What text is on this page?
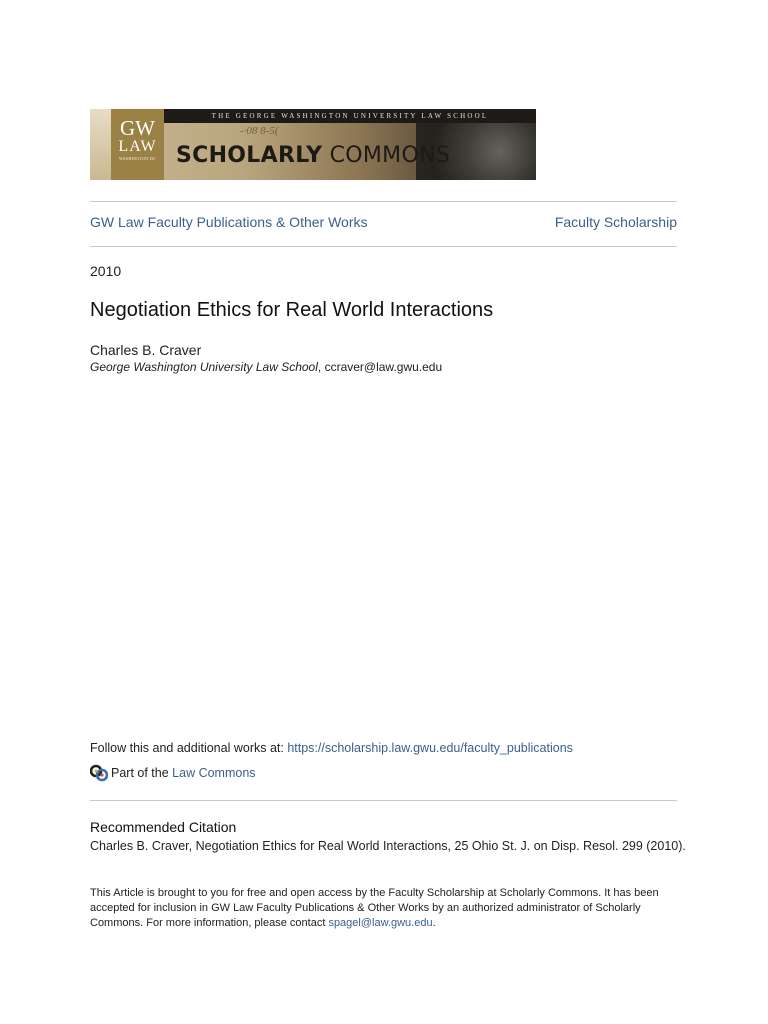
GW
LAW
WASHINGTON DC
THE GEORGE WASHINGTON UNIVERSITY LAW SCHOOL
-·08 8-5(
SCHOLARLY COMMONS
GW Law Faculty Publications & Other Works	Faculty Scholarship
2010
Negotiation Ethics for Real World Interactions
Charles B. Craver
George Washington University Law School, ccraver@law.gwu.edu
Follow this and additional works at: https://scholarship.law.gwu.edu/faculty_publications
Part of the
Law Commons
Recommended Citation
Charles B. Craver, Negotiation Ethics for Real World Interactions, 25 Ohio St. J. on Disp. Resol. 299 (2010).
This Article is brought to you for free and open access by the Faculty Scholarship at Scholarly Commons. It has been accepted for inclusion in GW Law Faculty Publications & Other Works by an authorized administrator of Scholarly Commons. For more information, please contact spagel@law.gwu.edu.
